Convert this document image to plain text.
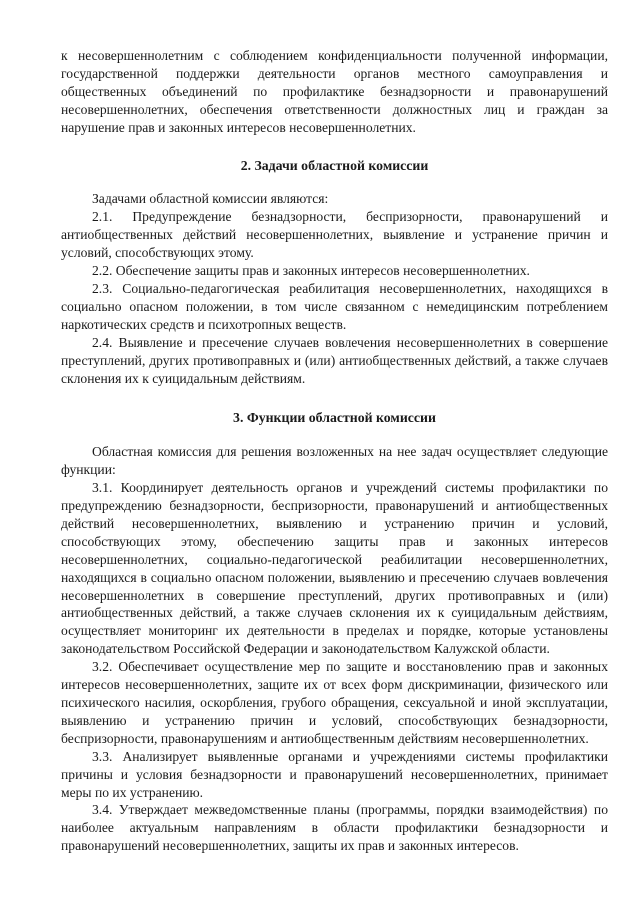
к несовершеннолетним с соблюдением конфиденциальности полученной информации, государственной поддержки деятельности органов местного самоуправления и общественных объединений по профилактике безнадзорности и правонарушений несовершеннолетних, обеспечения ответственности должностных лиц и граждан за нарушение прав и законных интересов несовершеннолетних.

2. Задачи областной комиссии

Задачами областной комиссии являются:

2.1. Предупреждение безнадзорности, беспризорности, правонарушений и антиобщественных действий несовершеннолетних, выявление и устранение причин и условий, способствующих этому.

2.2. Обеспечение защиты прав и законных интересов несовершеннолетних.

2.3. Социально-педагогическая реабилитация несовершеннолетних, находящихся в социально опасном положении, в том числе связанном с немедицинским потреблением наркотических средств и психотропных веществ.

2.4. Выявление и пресечение случаев вовлечения несовершеннолетних в совершение преступлений, других противоправных и (или) антиобщественных действий, а также случаев склонения их к суицидальным действиям.

3. Функции областной комиссии

Областная комиссия для решения возложенных на нее задач осуществляет следующие функции:

3.1. Координирует деятельность органов и учреждений системы профилактики по предупреждению безнадзорности, беспризорности, правонарушений и антиобщественных действий несовершеннолетних, выявлению и устранению причин и условий, способствующих этому, обеспечению защиты прав и законных интересов несовершеннолетних, социально-педагогической реабилитации несовершеннолетних, находящихся в социально опасном положении, выявлению и пресечению случаев вовлечения несовершеннолетних в совершение преступлений, других противоправных и (или) антиобщественных действий, а также случаев склонения их к суицидальным действиям, осуществляет мониторинг их деятельности в пределах и порядке, которые установлены законодательством Российской Федерации и законодательством Калужской области.

3.2. Обеспечивает осуществление мер по защите и восстановлению прав и законных интересов несовершеннолетних, защите их от всех форм дискриминации, физического или психического насилия, оскорбления, грубого обращения, сексуальной и иной эксплуатации, выявлению и устранению причин и условий, способствующих безнадзорности, беспризорности, правонарушениям и антиобщественным действиям несовершеннолетних.

3.3. Анализирует выявленные органами и учреждениями системы профилактики причины и условия безнадзорности и правонарушений несовершеннолетних, принимает меры по их устранению.

3.4. Утверждает межведомственные планы (программы, порядки взаимодействия) по наиболее актуальным направлениям в области профилактики безнадзорности и правонарушений несовершеннолетних, защиты их прав и законных интересов.
